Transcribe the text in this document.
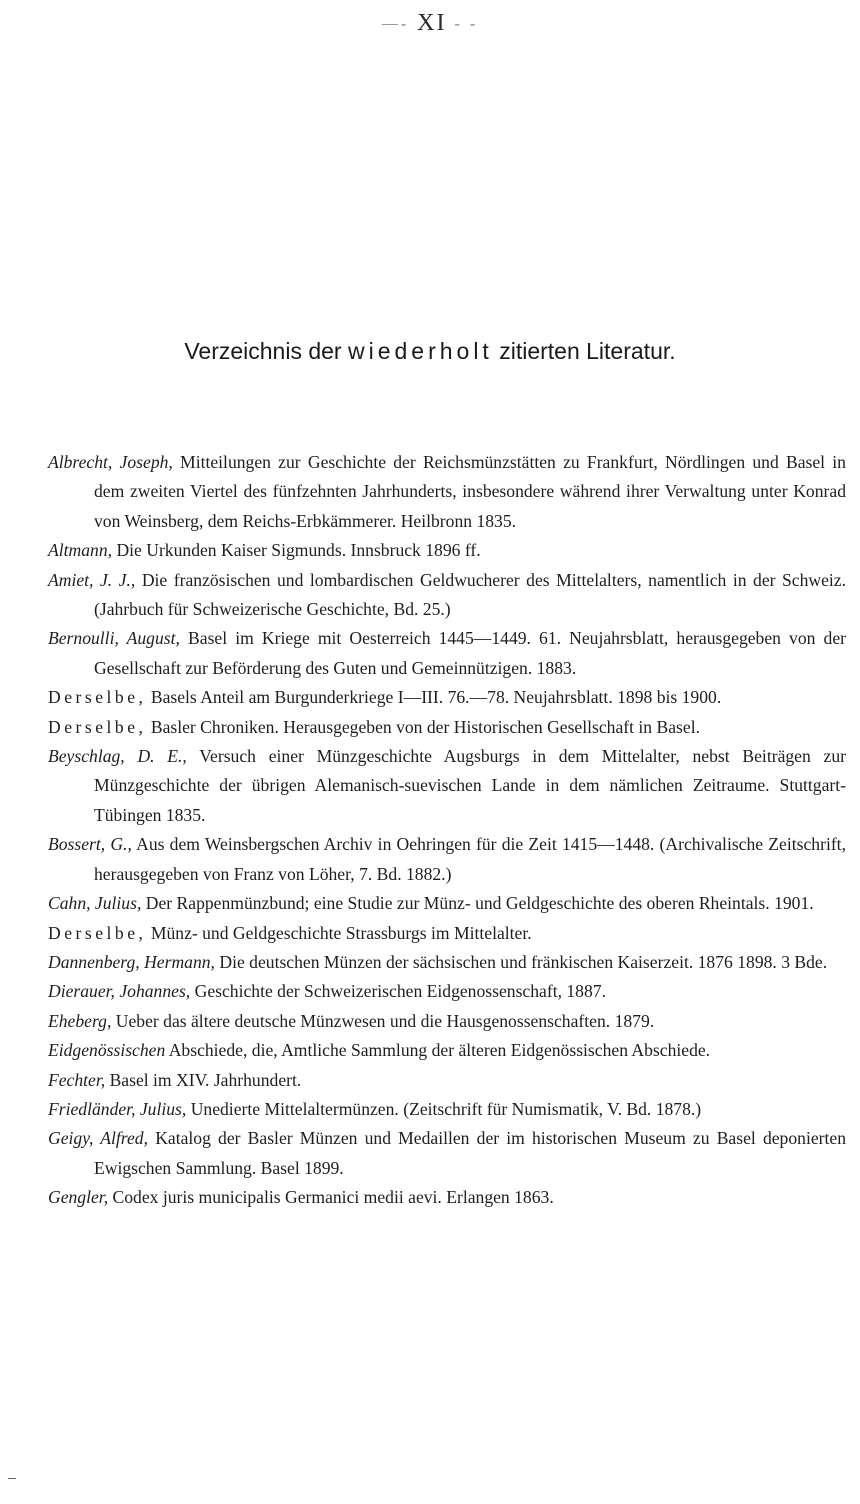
—- XI - -
Verzeichnis der wiederholt zitierten Literatur.
Albrecht, Joseph, Mitteilungen zur Geschichte der Reichsmünzstätten zu Frankfurt, Nördlingen und Basel in dem zweiten Viertel des fünfzehnten Jahrhunderts, insbesondere während ihrer Verwaltung unter Konrad von Weinsberg, dem Reichs-Erbkämmerer. Heilbronn 1835.
Altmann, Die Urkunden Kaiser Sigmunds. Innsbruck 1896 ff.
Amiet, J. J., Die französischen und lombardischen Geldwucherer des Mittelalters, namentlich in der Schweiz. (Jahrbuch für Schweizerische Geschichte, Bd. 25.)
Bernoulli, August, Basel im Kriege mit Oesterreich 1445—1449. 61. Neujahrsblatt, herausgegeben von der Gesellschaft zur Beförderung des Guten und Gemeinnützigen. 1883.
Derselbe, Basels Anteil am Burgunderkriege I—III. 76.—78. Neujahrsblatt. 1898 bis 1900.
Derselbe, Basler Chroniken. Herausgegeben von der Historischen Gesellschaft in Basel.
Beyschlag, D. E., Versuch einer Münzgeschichte Augsburgs in dem Mittelalter, nebst Beiträgen zur Münzgeschichte der übrigen Alemanisch-suevischen Lande in dem nämlichen Zeitraume. Stuttgart-Tübingen 1835.
Bossert, G., Aus dem Weinsbergschen Archiv in Oehringen für die Zeit 1415—1448. (Archivalische Zeitschrift, herausgegeben von Franz von Löher, 7. Bd. 1882.)
Cahn, Julius, Der Rappenmünzbund; eine Studie zur Münz- und Geldgeschichte des oberen Rheintals. 1901.
Derselbe, Münz- und Geldgeschichte Strassburgs im Mittelalter.
Dannenberg, Hermann, Die deutschen Münzen der sächsischen und fränkischen Kaiserzeit. 1876 1898. 3 Bde.
Dierauer, Johannes, Geschichte der Schweizerischen Eidgenossenschaft, 1887.
Eheberg, Ueber das ältere deutsche Münzwesen und die Hausgenossenschaften. 1879.
Eidgenössischen Abschiede, die, Amtliche Sammlung der älteren Eidgenössischen Abschiede.
Fechter, Basel im XIV. Jahrhundert.
Friedländer, Julius, Unedierte Mittelaltermünzen. (Zeitschrift für Numismatik, V. Bd. 1878.)
Geigy, Alfred, Katalog der Basler Münzen und Medaillen der im historischen Museum zu Basel deponierten Ewigschen Sammlung. Basel 1899.
Gengler, Codex juris municipalis Germanici medii aevi. Erlangen 1863.
